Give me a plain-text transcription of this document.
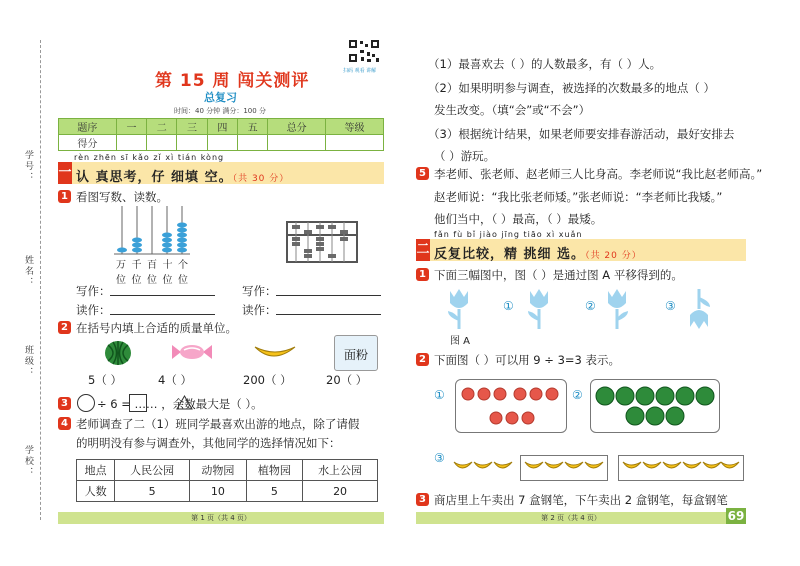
学号：
姓名：
班级：
学校：
第 15 周 闯关测评
总复习
时间：40 分钟 满分：100 分
扫码 观看 讲解
题序	一	二	三	四	五	总分	等级
得分							
rèn zhēn sī kǎo zǐ xì tián kòng
一 认 真思考，仔 细填 空。（共 30 分）
1 看图写数、读数。
万位
千位
百位
十位
个位
写作：
读作：
写作：
读作：
2 在括号内填上合适的质量单位。
面粉
5（ ）	4（ ）	200（ ）	20（ ）
3	÷ 6 = …… ，余数最大是（ ）。
4 老师调查了二（1）班同学最喜欢出游的地点，除了请假
的明明没有参与调查外，其他同学的选择情况如下：
地点	人民公园	动物园	植物园	水上公园
人数	5	10	5	20
第 1 页（共 4 页）
（1）最喜欢去（ ）的人数最多，有（ ）人。
（2）如果明明参与调查，被选择的次数最多的地点（ ）
发生改变。（填“会”或“不会”）
（3）根据统计结果，如果老师要安排春游活动，最好安排去
（ ）游玩。
5 李老师、张老师、赵老师三人比身高。李老师说“我比赵老师高。”
赵老师说：“我比张老师矮。”张老师说：“李老师比我矮。”
他们当中，（ ）最高，（ ）最矮。
fǎn fù bǐ jiào jīng tiāo xì xuǎn
二 反复比较，精 挑细 选。（共 20 分）
1 下面三幅图中，图（ ）是通过图 A 平移得到的。
图 A
①	②	③
2 下面图（ ）可以用 9 ÷ 3=3 表示。
①	②
③
3 商店里上午卖出 7 盒钢笔，下午卖出 2 盒钢笔，每盒钢笔
第 2 页（共 4 页）	69
